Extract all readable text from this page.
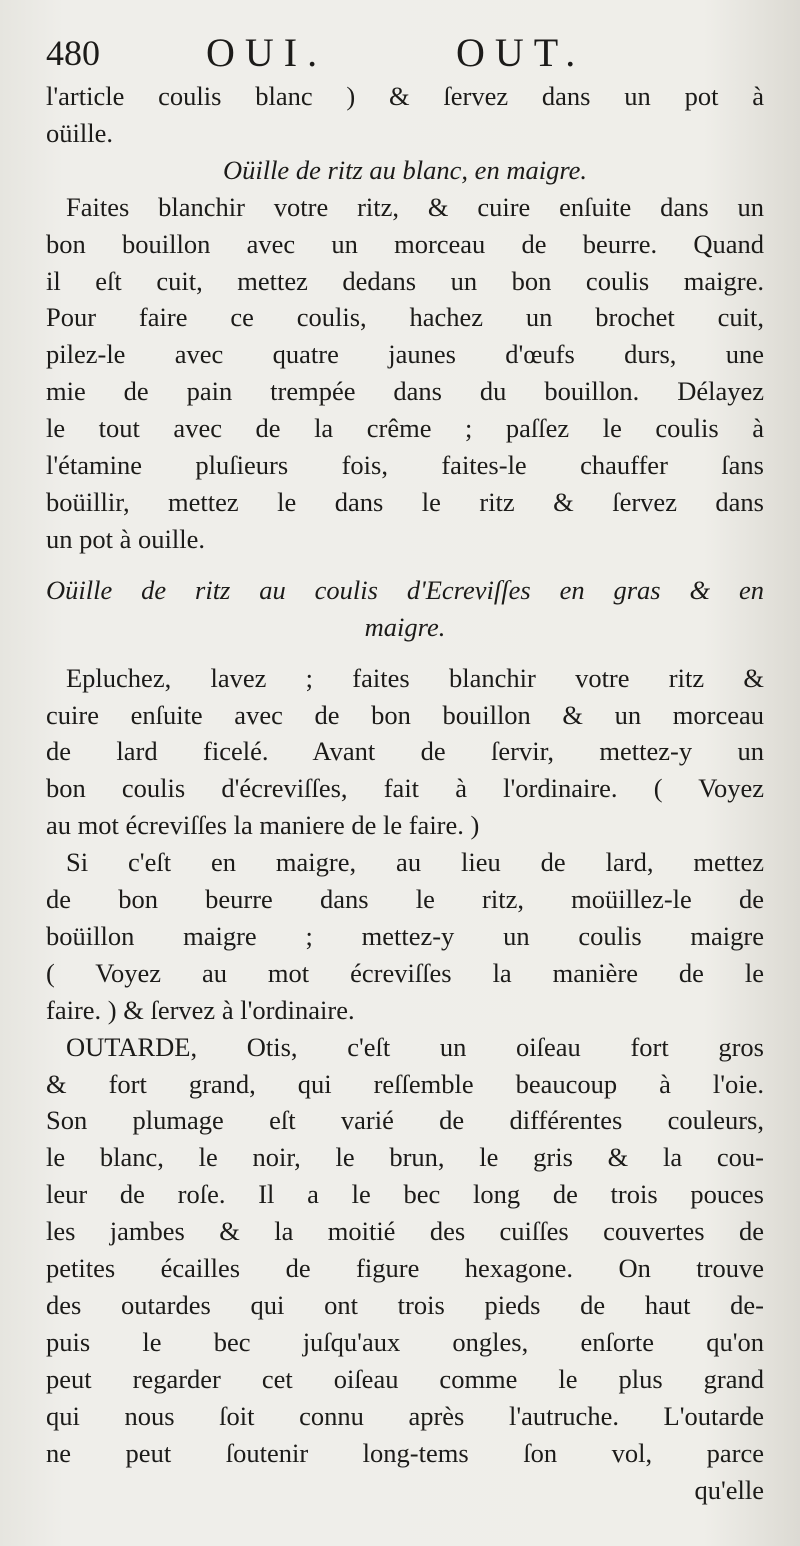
480	OUI.	OUT.
l'article coulis blanc ) & ſervez dans un pot à
oüille.
Oüille de ritz au blanc, en maigre.
Faites blanchir votre ritz, & cuire enſuite dans un
bon bouillon avec un morceau de beurre. Quand
il eſt cuit, mettez dedans un bon coulis maigre.
Pour faire ce coulis, hachez un brochet cuit,
pilez-le avec quatre jaunes d'œufs durs, une
mie de pain trempée dans du bouillon. Délayez
le tout avec de la crême ; paſſez le coulis à
l'étamine pluſieurs fois, faites-le chauffer ſans
boüillir, mettez le dans le ritz & ſervez dans
un pot à ouille.
Oüille de ritz au coulis d'Ecreviſſes en gras & en
maigre.
Epluchez, lavez ; faites blanchir votre ritz &
cuire enſuite avec de bon bouillon & un morceau
de lard ficelé. Avant de ſervir, mettez-y un
bon coulis d'écreviſſes, fait à l'ordinaire. ( Voyez
au mot écreviſſes la maniere de le faire. )
Si c'eſt en maigre, au lieu de lard, mettez
de bon beurre dans le ritz, moüillez-le de
boüillon maigre ; mettez-y un coulis maigre
( Voyez au mot écreviſſes la manière de le
faire. ) & ſervez à l'ordinaire.
OUTARDE, Otis, c'eſt un oiſeau fort gros
& fort grand, qui reſſemble beaucoup à l'oie.
Son plumage eſt varié de différentes couleurs,
le blanc, le noir, le brun, le gris & la cou-
leur de roſe. Il a le bec long de trois pouces
les jambes & la moitié des cuiſſes couvertes de
petites écailles de figure hexagone. On trouve
des outardes qui ont trois pieds de haut de-
puis le bec juſqu'aux ongles, enſorte qu'on
peut regarder cet oiſeau comme le plus grand
qui nous ſoit connu après l'autruche. L'outarde
ne peut ſoutenir long-tems ſon vol, parce
qu'elle
